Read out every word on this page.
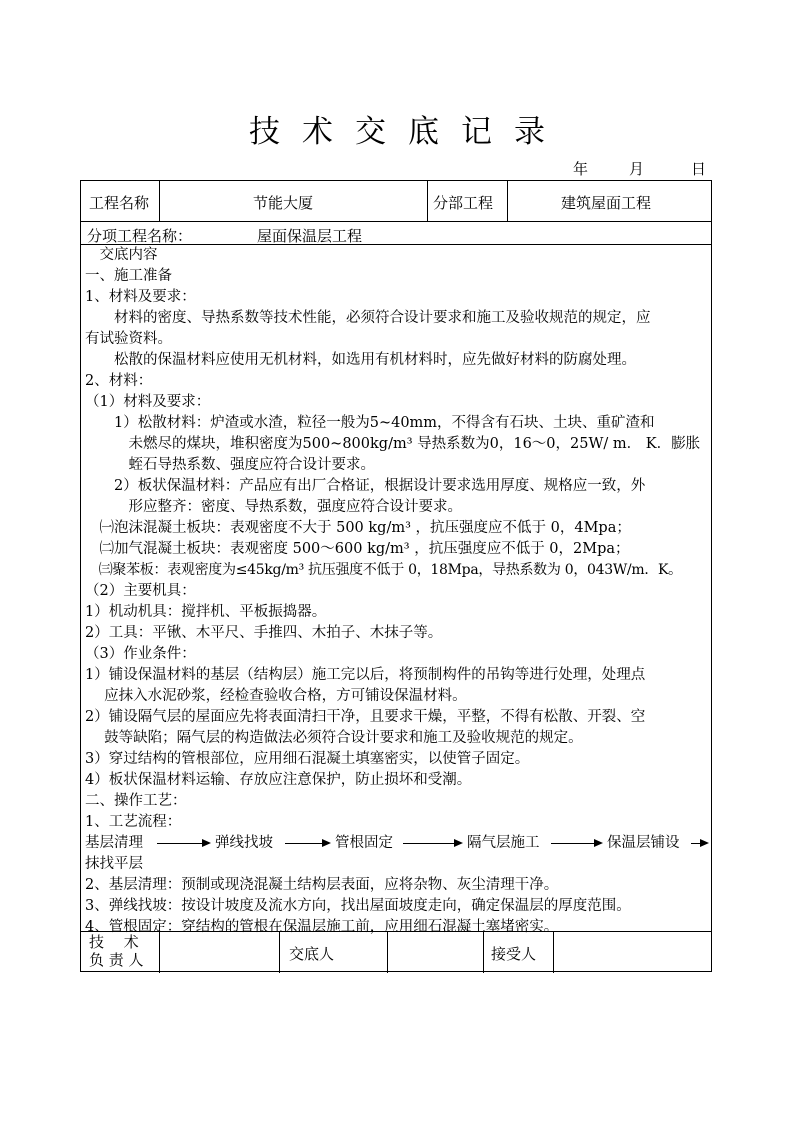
技术交底记录
年	月	日
工程名称	节能大厦	分部工程	建筑屋面工程
分项工程名称：	屋面保温层工程

　交底内容

一、施工准备

1、材料及要求：

　　材料的密度、导热系数等技术性能，必须符合设计要求和施工及验收规范的规定，应

有试验资料。

　　松散的保温材料应使用无机材料，如选用有机材料时，应先做好材料的防腐处理。

2、材料：

（1）材料及要求：

　　1）松散材料：炉渣或水渣，粒径一般为5~40mm，不得含有石块、土块、重矿渣和

　　　未燃尽的煤块，堆积密度为500~800kg/m³ 导热系数为0，16～0，25W/ m． K．膨胀

　　　蛭石导热系数、强度应符合设计要求。

　　2）板状保温材料：产品应有出厂合格证，根据设计要求选用厚度、规格应一致，外

　　　形应整齐：密度、导热系数，强度应符合设计要求。

　㈠泡沫混凝土板块：表观密度不大于 500 kg/m³ ，抗压强度应不低于 0，4Mpa；

　㈡加气混凝土板块：表观密度 500～600 kg/m³ ，抗压强度应不低于 0，2Mpa；

　㈢聚苯板：表观密度为≤45kg/m³ 抗压强度不低于 0，18Mpa，导热系数为 0，043W/m．K。

（2）主要机具：

1）机动机具：搅拌机、平板振捣器。

2）工具：平锹、木平尺、手推四、木拍子、木抹子等。

（3）作业条件：

1）铺设保温材料的基层（结构层）施工完以后，将预制构件的吊钩等进行处理，处理点

　 应抹入水泥砂浆，经检查验收合格，方可铺设保温材料。

2）铺设隔气层的屋面应先将表面清扫干净，且要求干燥，平整，不得有松散、开裂、空

　 鼓等缺陷；隔气层的构造做法必须符合设计要求和施工及验收规范的规定。

3）穿过结构的管根部位，应用细石混凝土填塞密实，以使管子固定。

4）板状保温材料运输、存放应注意保护，防止损坏和受潮。

二、操作工艺：

1、工艺流程：

基层清理	弹线找坡	管根固定	隔气层施工	保温层铺设

抹找平层

2、基层清理：预制或现浇混凝土结构层表面，应将杂物、灰尘清理干净。

3、弹线找坡：按设计坡度及流水方向，找出屋面坡度走向，确定保温层的厚度范围。

4、管根固定：穿结构的管根在保温层施工前，应用细石混凝土塞堵密实。

技　 术
负 责 人	交底人	接受人
